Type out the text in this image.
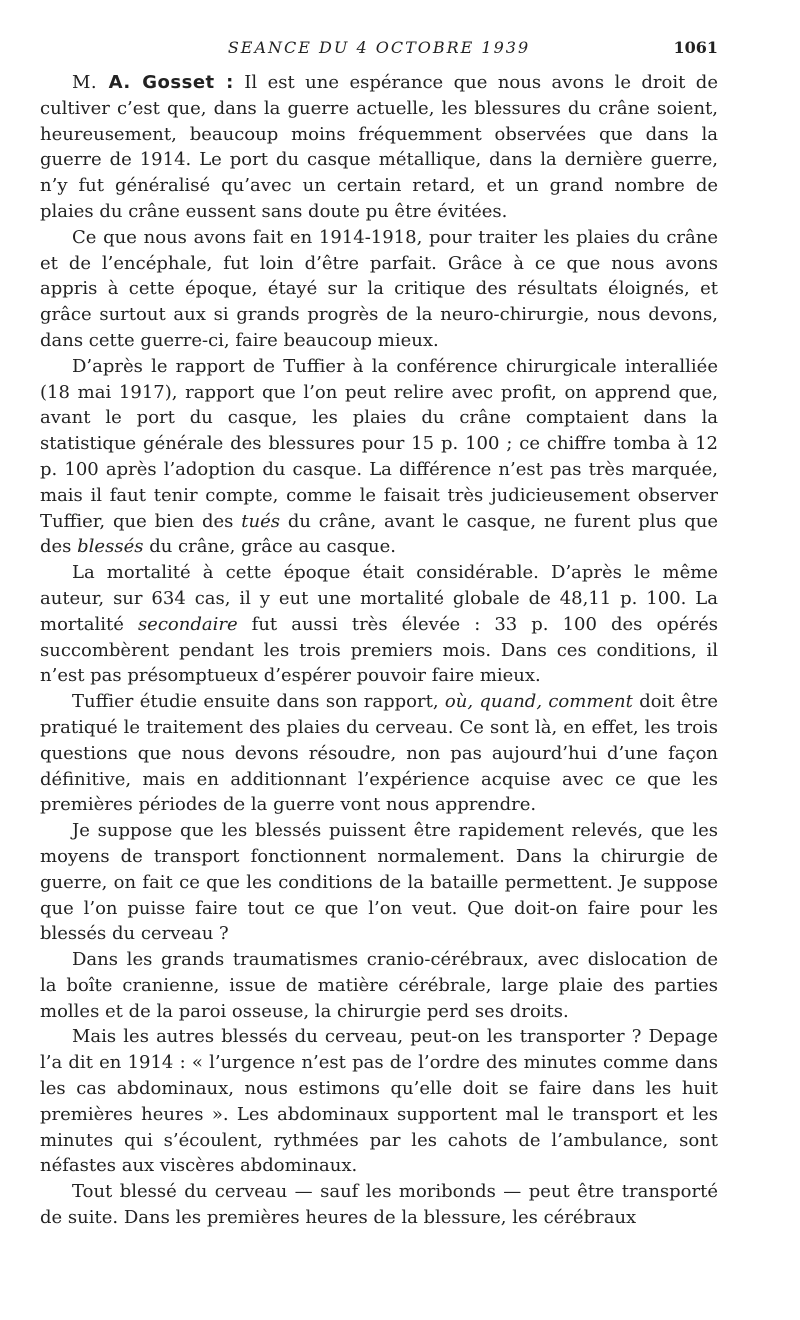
SEANCE DU 4 OCTOBRE 1939	1061

M. A. Gosset : Il est une espérance que nous avons le droit de cultiver c’est que, dans la guerre actuelle, les blessures du crâne soient, heureusement, beaucoup moins fréquemment observées que dans la guerre de 1914. Le port du casque métallique, dans la dernière guerre, n’y fut généralisé qu’avec un certain retard, et un grand nombre de plaies du crâne eussent sans doute pu être évitées.

Ce que nous avons fait en 1914-1918, pour traiter les plaies du crâne et de l’encéphale, fut loin d’être parfait. Grâce à ce que nous avons appris à cette époque, étayé sur la critique des résultats éloignés, et grâce surtout aux si grands progrès de la neuro-chirurgie, nous devons, dans cette guerre-ci, faire beaucoup mieux.

D’après le rapport de Tuffier à la conférence chirurgicale interalliée (18 mai 1917), rapport que l’on peut relire avec profit, on apprend que, avant le port du casque, les plaies du crâne comptaient dans la statistique générale des blessures pour 15 p. 100 ; ce chiffre tomba à 12 p. 100 après l’adoption du casque. La différence n’est pas très marquée, mais il faut tenir compte, comme le faisait très judicieusement observer Tuffier, que bien des tués du crâne, avant le casque, ne furent plus que des blessés du crâne, grâce au casque.

La mortalité à cette époque était considérable. D’après le même auteur, sur 634 cas, il y eut une mortalité globale de 48,11 p. 100. La mortalité secondaire fut aussi très élevée : 33 p. 100 des opérés succombèrent pendant les trois premiers mois. Dans ces conditions, il n’est pas présomptueux d’espérer pouvoir faire mieux.

Tuffier étudie ensuite dans son rapport, où, quand, comment doit être pratiqué le traitement des plaies du cerveau. Ce sont là, en effet, les trois questions que nous devons résoudre, non pas aujourd’hui d’une façon définitive, mais en additionnant l’expérience acquise avec ce que les premières périodes de la guerre vont nous apprendre.

Je suppose que les blessés puissent être rapidement relevés, que les moyens de transport fonctionnent normalement. Dans la chirurgie de guerre, on fait ce que les conditions de la bataille permettent. Je suppose que l’on puisse faire tout ce que l’on veut. Que doit-on faire pour les blessés du cerveau ?

Dans les grands traumatismes cranio-cérébraux, avec dislocation de la boîte cranienne, issue de matière cérébrale, large plaie des parties molles et de la paroi osseuse, la chirurgie perd ses droits.

Mais les autres blessés du cerveau, peut-on les transporter ? Depage l’a dit en 1914 : « l’urgence n’est pas de l’ordre des minutes comme dans les cas abdominaux, nous estimons qu’elle doit se faire dans les huit premières heures ». Les abdominaux supportent mal le transport et les minutes qui s’écoulent, rythmées par les cahots de l’ambulance, sont néfastes aux viscères abdominaux.

Tout blessé du cerveau — sauf les moribonds — peut être transporté de suite. Dans les premières heures de la blessure, les cérébraux
